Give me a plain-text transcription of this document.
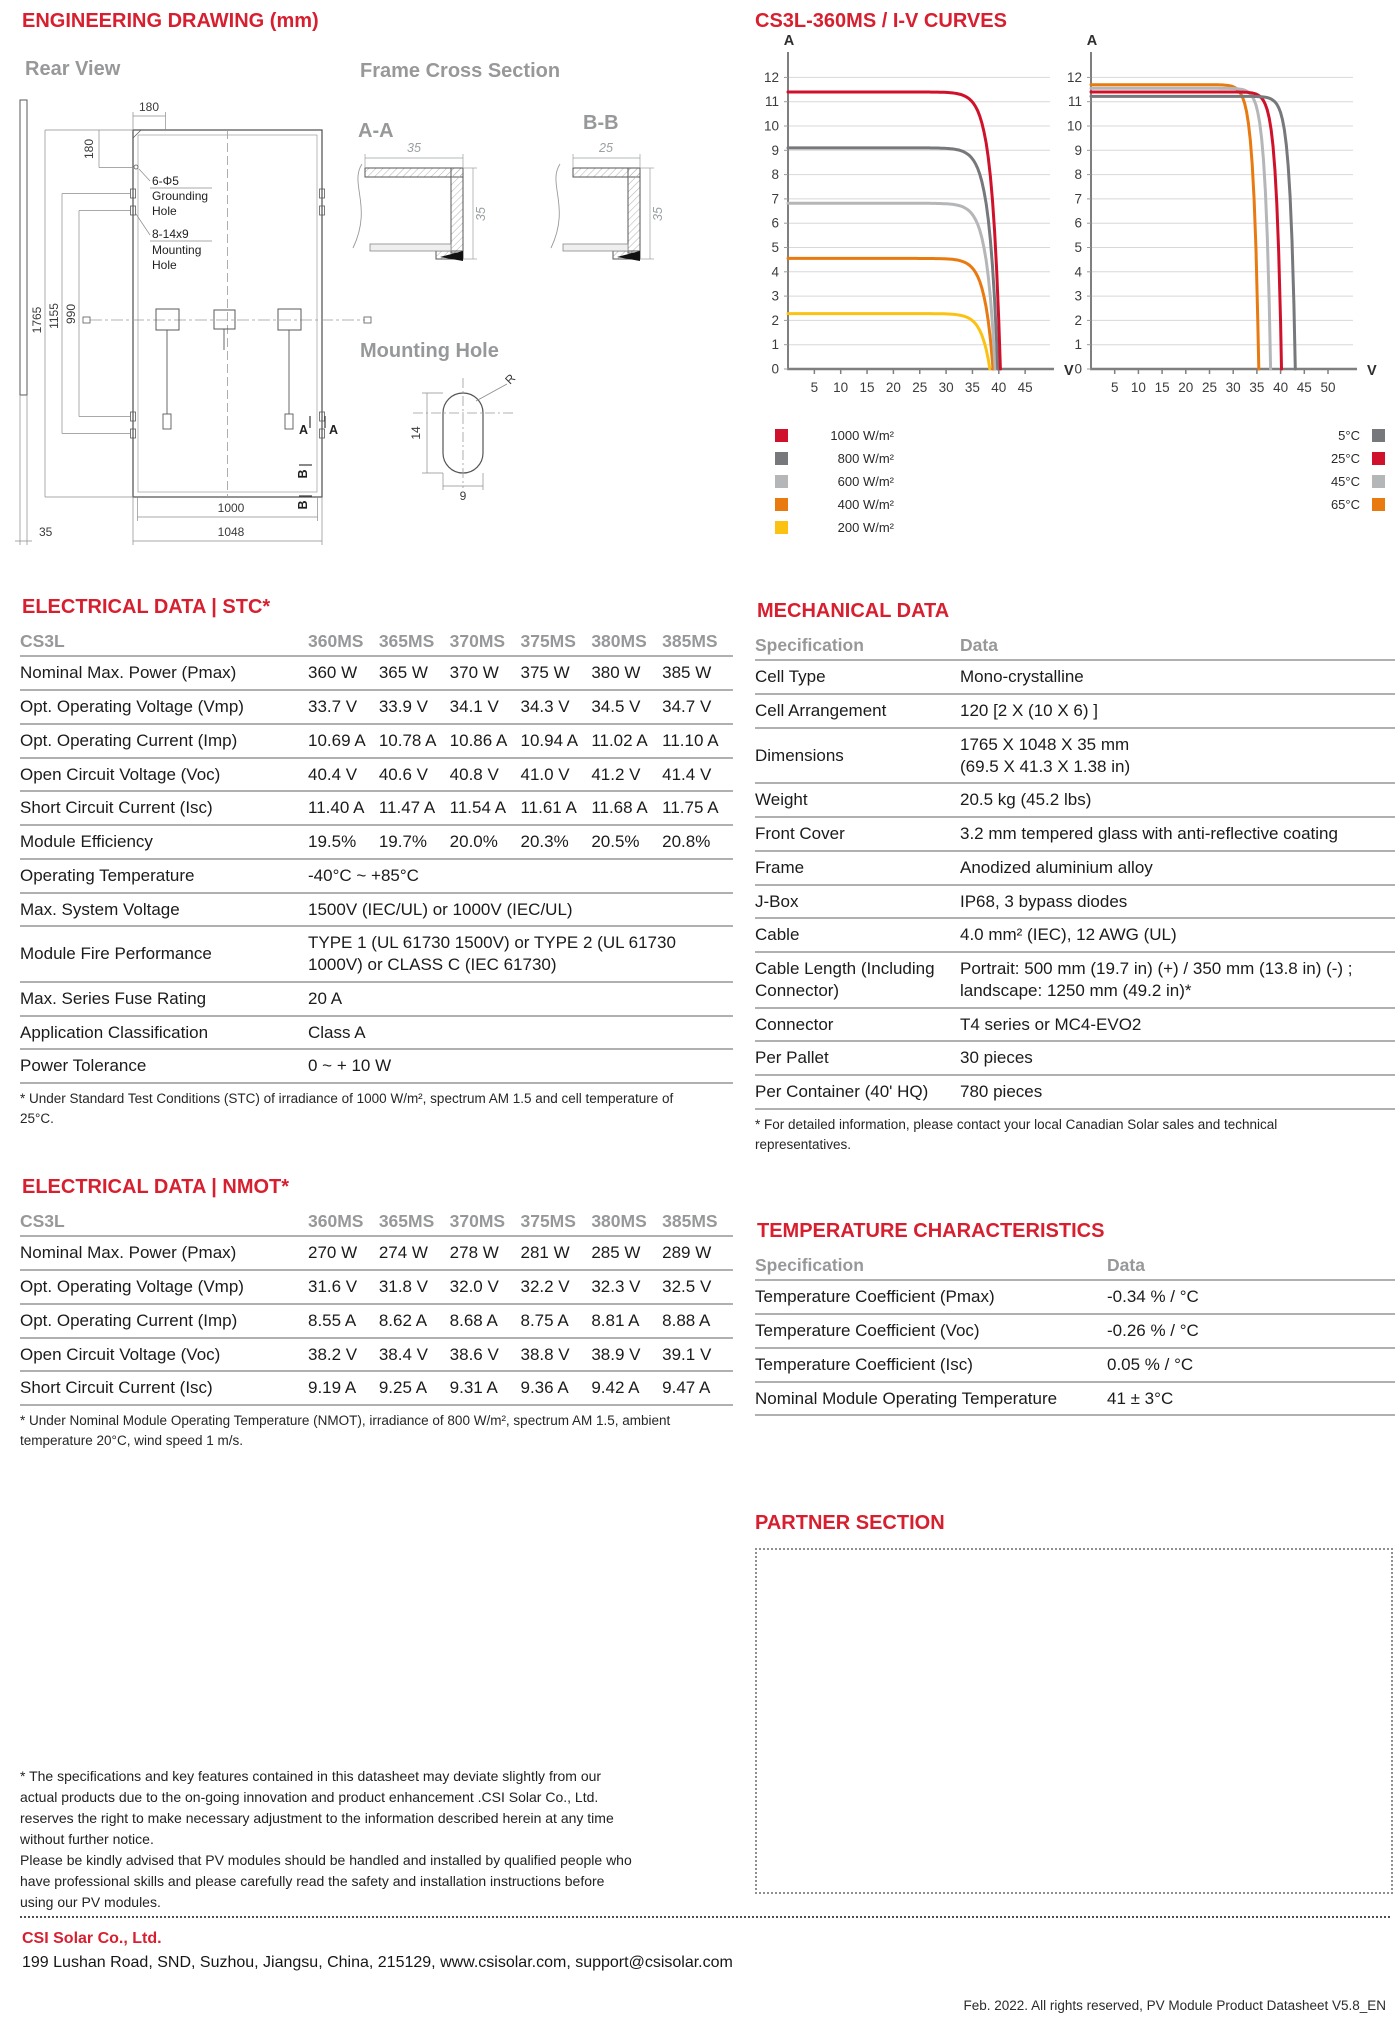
ENGINEERING DRAWING (mm)	CS3L-360MS / I-V CURVES
Rear View	Frame Cross Section
A-A	B-B
Mounting Hole
180
180
1765 1155 990
1000
1048
35
6-Φ5
Grounding
Hole
8-14x9
Mounting
Hole
A A
B
B
35
35
25
35
14
9
R
0
1
2
3
4
5
6
7
8
9
10
11
12
5 10 15 20 25 30 35 40 45
A
V 0
1
2
3
4
5
6
7
8
9
10
11
12
5 10 15 20 25 30 35 40 45 50
A
V
1000 W/m²
800 W/m²
600 W/m²
400 W/m²
200 W/m²
5°C
25°C
45°C
65°C
ELECTRICAL DATA | STC*
CS3L	360MS	365MS	370MS	375MS	380MS	385MS
Nominal Max. Power (Pmax)	360 W	365 W	370 W	375 W	380 W	385 W
Opt. Operating Voltage (Vmp)	33.7 V	33.9 V	34.1 V	34.3 V	34.5 V	34.7 V
Opt. Operating Current (Imp)	10.69 A	10.78 A	10.86 A	10.94 A	11.02 A	11.10 A
Open Circuit Voltage (Voc)	40.4 V	40.6 V	40.8 V	41.0 V	41.2 V	41.4 V
Short Circuit Current (Isc)	11.40 A	11.47 A	11.54 A	11.61 A	11.68 A	11.75 A
Module Efficiency	19.5%	19.7%	20.0%	20.3%	20.5%	20.8%
Operating Temperature	-40°C ~ +85°C					
Max. System Voltage	1500V (IEC/UL) or 1000V (IEC/UL)					
Module Fire Performance	TYPE 1 (UL 61730 1500V) or TYPE 2 (UL 61730 1000V) or CLASS C (IEC 61730)					
Max. Series Fuse Rating	20 A					
Application Classification	Class A					
Power Tolerance	0 ~ + 10 W					
* Under Standard Test Conditions (STC) of irradiance of 1000 W/m², spectrum AM 1.5 and cell temperature of 25°C.
MECHANICAL DATA
Specification	Data
Cell Type	Mono-crystalline
Cell Arrangement	120 [2 X (10 X 6) ]
Dimensions	1765 X 1048 X 35 mm
(69.5 X 41.3 X 1.38 in)

Weight	20.5 kg (45.2 lbs)
Front Cover	3.2 mm tempered glass with anti-reflective coating
Frame	Anodized aluminium alloy
J-Box	IP68, 3 bypass diodes
Cable	4.0 mm² (IEC), 12 AWG (UL)
Cable Length (Including Connector)	Portrait: 500 mm (19.7 in) (+) / 350 mm (13.8 in) (-) ; landscape: 1250 mm (49.2 in)*
Connector	T4 series or MC4-EVO2
Per Pallet	30 pieces
Per Container (40' HQ)	780 pieces
* For detailed information, please contact your local Canadian Solar sales and technical representatives.
ELECTRICAL DATA | NMOT*
CS3L	360MS	365MS	370MS	375MS	380MS	385MS
Nominal Max. Power (Pmax)	270 W	274 W	278 W	281 W	285 W	289 W
Opt. Operating Voltage (Vmp)	31.6 V	31.8 V	32.0 V	32.2 V	32.3 V	32.5 V
Opt. Operating Current (Imp)	8.55 A	8.62 A	8.68 A	8.75 A	8.81 A	8.88 A
Open Circuit Voltage (Voc)	38.2 V	38.4 V	38.6 V	38.8 V	38.9 V	39.1 V
Short Circuit Current (Isc)	9.19 A	9.25 A	9.31 A	9.36 A	9.42 A	9.47 A
* Under Nominal Module Operating Temperature (NMOT), irradiance of 800 W/m², spectrum AM 1.5, ambient temperature 20°C, wind speed 1 m/s.
TEMPERATURE CHARACTERISTICS
Specification	Data
Temperature Coefficient (Pmax)	-0.34 % / °C
Temperature Coefficient (Voc)	-0.26 % / °C
Temperature Coefficient (Isc)	0.05 % / °C
Nominal Module Operating Temperature	41 ± 3°C
PARTNER SECTION
* The specifications and key features contained in this datasheet may deviate slightly from our
actual products due to the on-going innovation and product enhancement .CSI Solar Co., Ltd.
reserves the right to make necessary adjustment to the information described herein at any time
without further notice.
Please be kindly advised that PV modules should be handled and installed by qualified people who
have professional skills and please carefully read the safety and installation instructions before
using our PV modules.
CSI Solar Co., Ltd.
199 Lushan Road, SND, Suzhou, Jiangsu, China, 215129, www.csisolar.com, support@csisolar.com
Feb. 2022. All rights reserved, PV Module Product Datasheet V5.8_EN
